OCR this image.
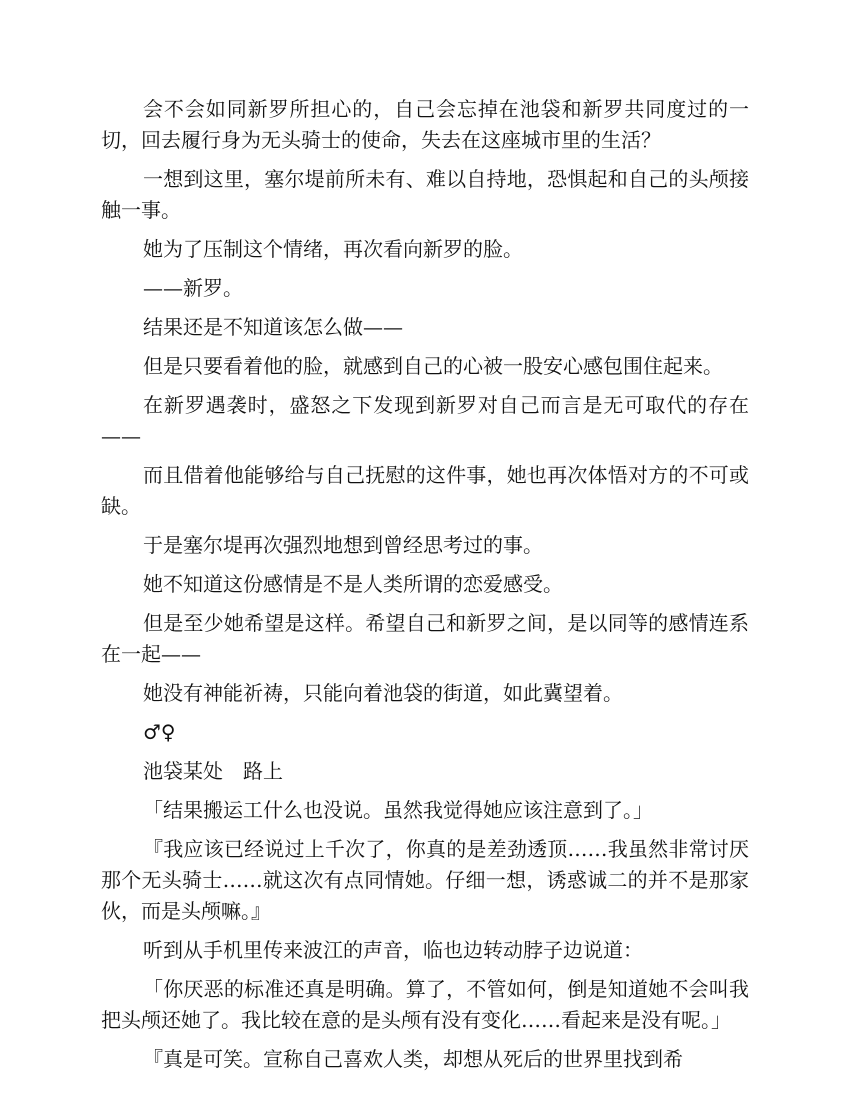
会不会如同新罗所担心的，自己会忘掉在池袋和新罗共同度过的一切，回去履行身为无头骑士的使命，失去在这座城市里的生活？

一想到这里，塞尔堤前所未有、难以自持地，恐惧起和自己的头颅接触一事。

她为了压制这个情绪，再次看向新罗的脸。

——新罗。

结果还是不知道该怎么做——

但是只要看着他的脸，就感到自己的心被一股安心感包围住起来。

在新罗遇袭时，盛怒之下发现到新罗对自己而言是无可取代的存在——

而且借着他能够给与自己抚慰的这件事，她也再次体悟对方的不可或缺。

于是塞尔堤再次强烈地想到曾经思考过的事。

她不知道这份感情是不是人类所谓的恋爱感受。

但是至少她希望是这样。希望自己和新罗之间，是以同等的感情连系在一起——

她没有神能祈祷，只能向着池袋的街道，如此冀望着。

♂♀

池袋某处　路上

「结果搬运工什么也没说。虽然我觉得她应该注意到了。」

『我应该已经说过上千次了，你真的是差劲透顶……我虽然非常讨厌那个无头骑士……就这次有点同情她。仔细一想，诱惑诚二的并不是那家伙，而是头颅嘛。』

听到从手机里传来波江的声音，临也边转动脖子边说道：

「你厌恶的标准还真是明确。算了，不管如何，倒是知道她不会叫我把头颅还她了。我比较在意的是头颅有没有变化……看起来是没有呢。」

『真是可笑。宣称自己喜欢人类，却想从死后的世界里找到希
